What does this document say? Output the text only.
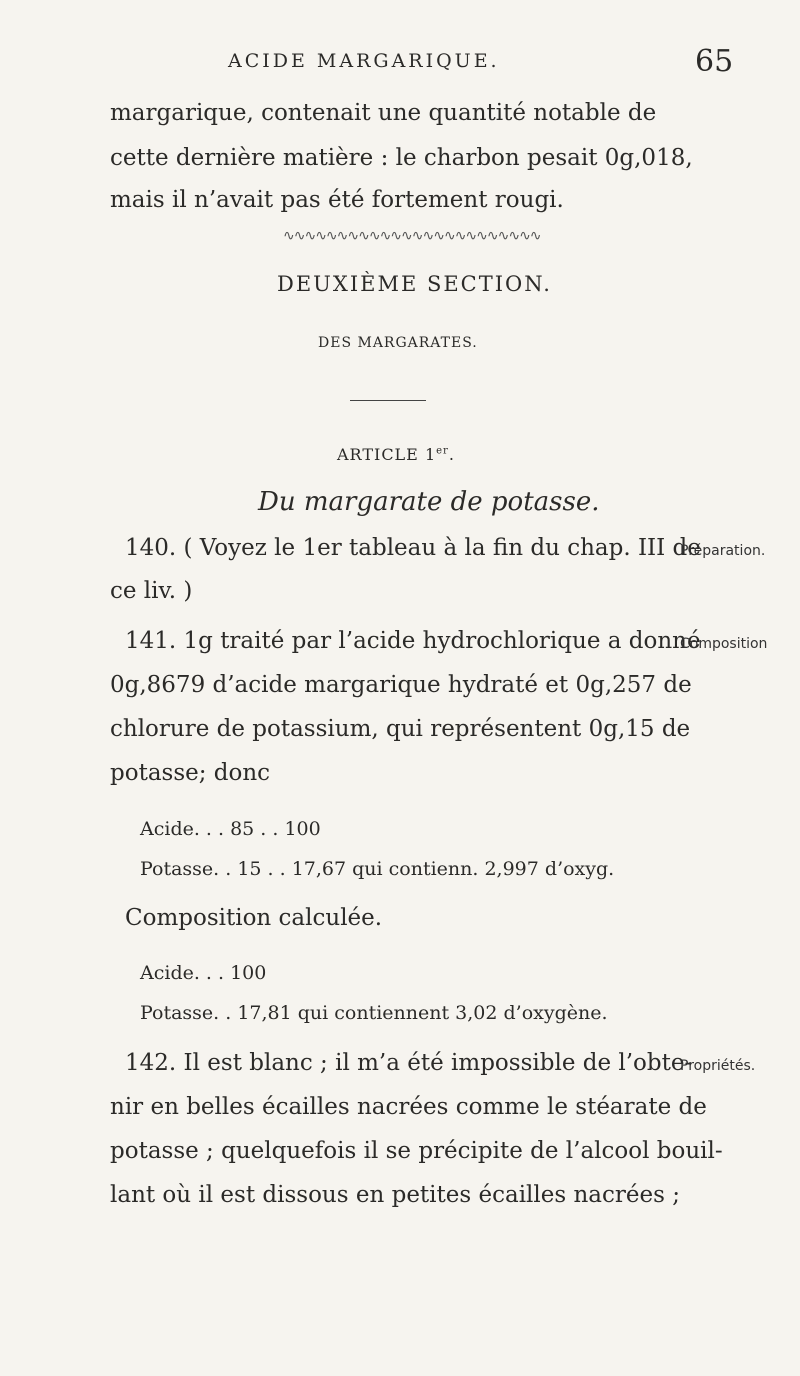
ACIDE MARGARIQUE.	65
margarique, contenait une quantité notable de
cette dernière matière : le charbon pesait 0g,018,
mais il n’avait pas été fortement rougi.
∿∿∿∿∿∿∿∿∿∿∿∿∿∿∿∿∿∿∿∿∿∿∿∿
DEUXIÈME SECTION.
DES MARGARATES.
ARTICLE 1er.
Du margarate de potasse.
140. ( Voyez le 1er tableau à la fin du chap. III de
Préparation.
ce liv. )
141. 1g traité par l’acide hydrochlorique a donné
Composition
0g,8679 d’acide margarique hydraté et 0g,257 de
chlorure de potassium, qui représentent 0g,15 de
potasse; donc
Acide. . . 85 . . 100
Potasse. . 15 . . 17,67 qui contienn. 2,997 d’oxyg.
Composition calculée.
Acide. . . 100
Potasse. . 17,81 qui contiennent 3,02 d’oxygène.
142. Il est blanc ; il m’a été impossible de l’obte-
Propriétés.
nir en belles écailles nacrées comme le stéarate de
potasse ; quelquefois il se précipite de l’alcool bouil-
lant où il est dissous en petites écailles nacrées ;
